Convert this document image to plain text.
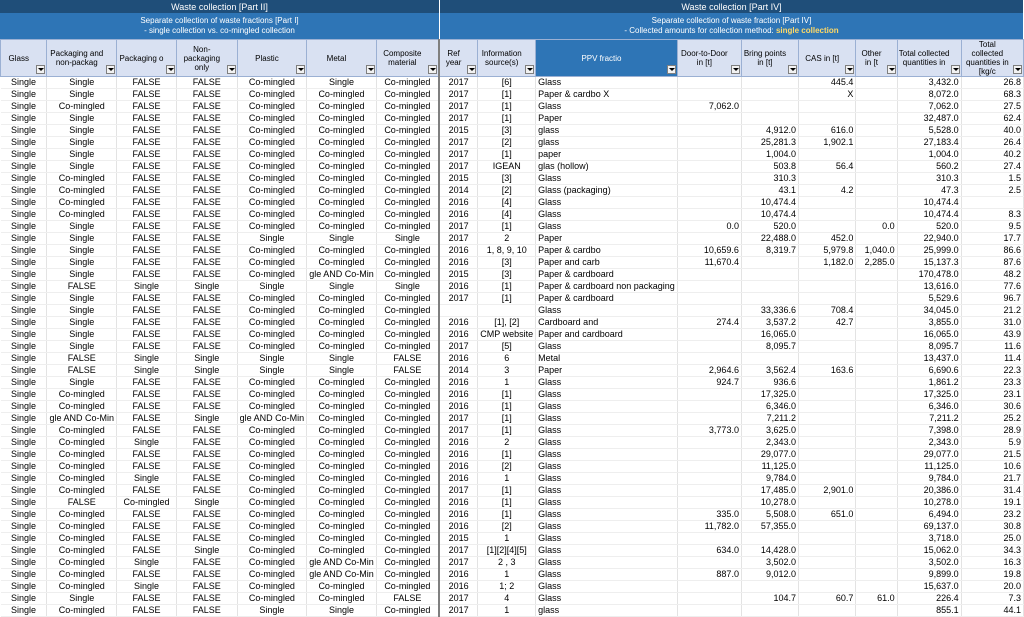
Waste collection [Part II]	Waste collection [Part IV]
Separate collection of waste fractions [Part I]
- single collection vs. co-mingled collection
Separate collection of waste fraction [Part IV]
- Collected amounts for collection method: single collection
Glass	Packaging and non-packag	Packaging o	Non-packaging only	Plastic	Metal	Composite material	Ref year	Information source(s)	PPV fractio	Door-to-Door in [t]	Bring points in [t]	CAS in [t]	Other in [t	Total collected quantities in	Total collected quantities in [kg/c

Single	Single	FALSE	FALSE	Co-mingled	Single	Co-mingled	2017	[6]	Glass			445.4		3,432.0	26.8
Single	Single	FALSE	FALSE	Co-mingled	Co-mingled	Co-mingled	2017	[1]	Paper & cardbo X			X		8,072.0	68.3
Single	Co-mingled	FALSE	FALSE	Co-mingled	Co-mingled	Co-mingled	2017	[1]	Glass	7,062.0				7,062.0	27.5
Single	Single	FALSE	FALSE	Co-mingled	Co-mingled	Co-mingled	2017	[1]	Paper					32,487.0	62.4
Single	Single	FALSE	FALSE	Co-mingled	Co-mingled	Co-mingled	2015	[3]	glass		4,912.0	616.0		5,528.0	40.0
Single	Single	FALSE	FALSE	Co-mingled	Co-mingled	Co-mingled	2017	[2]	glass		25,281.3	1,902.1		27,183.4	26.4
Single	Single	FALSE	FALSE	Co-mingled	Co-mingled	Co-mingled	2017	[1]	paper		1,004.0			1,004.0	40.2
Single	Single	FALSE	FALSE	Co-mingled	Co-mingled	Co-mingled	2017	IGEAN	glas (hollow)		503.8	56.4		560.2	27.4
Single	Co-mingled	FALSE	FALSE	Co-mingled	Co-mingled	Co-mingled	2015	[3]	Glass		310.3			310.3	1.5
Single	Co-mingled	FALSE	FALSE	Co-mingled	Co-mingled	Co-mingled	2014	[2]	Glass (packaging)		43.1	4.2		47.3	2.5
Single	Co-mingled	FALSE	FALSE	Co-mingled	Co-mingled	Co-mingled	2016	[4]	Glass		10,474.4			10,474.4	
Single	Co-mingled	FALSE	FALSE	Co-mingled	Co-mingled	Co-mingled	2016	[4]	Glass		10,474.4			10,474.4	8.3
Single	Single	FALSE	FALSE	Co-mingled	Co-mingled	Co-mingled	2017	[1]	Glass	0.0	520.0		0.0	520.0	9.5
Single	Single	FALSE	FALSE	Single	Single	Single	2017	2	Paper		22,488.0	452.0		22,940.0	17.7
Single	Single	FALSE	FALSE	Co-mingled	Co-mingled	Co-mingled	2016	1, 8, 9, 10	Paper & cardbo	10,659.6	8,319.7	5,979.8	1,040.0	25,999.0	86.6
Single	Single	FALSE	FALSE	Co-mingled	Co-mingled	Co-mingled	2016	[3]	Paper and carb	11,670.4		1,182.0	2,285.0	15,137.3	87.6
Single	Single	FALSE	FALSE	Co-mingled	gle AND Co-Min	Co-mingled	2015	[3]	Paper & cardboard					170,478.0	48.2
Single	FALSE	Single	Single	Single	Single	Single	2016	[1]	Paper & cardboard non packaging					13,616.0	77.6
Single	Single	FALSE	FALSE	Co-mingled	Co-mingled	Co-mingled	2017	[1]	Paper & cardboard					5,529.6	96.7
Single	Single	FALSE	FALSE	Co-mingled	Co-mingled	Co-mingled			Glass		33,336.6	708.4		34,045.0	21.2
Single	Single	FALSE	FALSE	Co-mingled	Co-mingled	Co-mingled	2016	[1], [2]	Cardboard and	274.4	3,537.2	42.7		3,855.0	31.0
Single	Single	FALSE	FALSE	Co-mingled	Co-mingled	Co-mingled	2016	CMP website	Paper and cardboard		16,065.0			16,065.0	43.9
Single	Single	FALSE	FALSE	Co-mingled	Co-mingled	Co-mingled	2017	[5]	Glass		8,095.7			8,095.7	11.6
Single	FALSE	Single	Single	Single	Single	FALSE	2016	6	Metal					13,437.0	11.4
Single	FALSE	Single	Single	Single	Single	FALSE	2014	3	Paper	2,964.6	3,562.4	163.6		6,690.6	22.3
Single	Single	FALSE	FALSE	Co-mingled	Co-mingled	Co-mingled	2016	1	Glass	924.7	936.6			1,861.2	23.3
Single	Co-mingled	FALSE	FALSE	Co-mingled	Co-mingled	Co-mingled	2016	[1]	Glass		17,325.0			17,325.0	23.1
Single	Co-mingled	FALSE	FALSE	Co-mingled	Co-mingled	Co-mingled	2016	[1]	Glass		6,346.0			6,346.0	30.6
Single	gle AND Co-Min	FALSE	Single	gle AND Co-Min	Co-mingled	Co-mingled	2017	[1]	Glass		7,211.2			7,211.2	25.2
Single	Co-mingled	FALSE	FALSE	Co-mingled	Co-mingled	Co-mingled	2017	[1]	Glass	3,773.0	3,625.0			7,398.0	28.9
Single	Co-mingled	Single	FALSE	Co-mingled	Co-mingled	Co-mingled	2016	2	Glass		2,343.0			2,343.0	5.9
Single	Co-mingled	FALSE	FALSE	Co-mingled	Co-mingled	Co-mingled	2016	[1]	Glass		29,077.0			29,077.0	21.5
Single	Co-mingled	FALSE	FALSE	Co-mingled	Co-mingled	Co-mingled	2016	[2]	Glass		11,125.0			11,125.0	10.6
Single	Co-mingled	Single	FALSE	Co-mingled	Co-mingled	Co-mingled	2016	1	Glass		9,784.0			9,784.0	21.7
Single	Co-mingled	FALSE	FALSE	Co-mingled	Co-mingled	Co-mingled	2017	[1]	Glass		17,485.0	2,901.0		20,386.0	31.4
Single	FALSE	Co-mingled	Single	Co-mingled	Co-mingled	Co-mingled	2016	[1]	Glass		10,278.0			10,278.0	19.1
Single	Co-mingled	FALSE	FALSE	Co-mingled	Co-mingled	Co-mingled	2016	[1]	Glass	335.0	5,508.0	651.0		6,494.0	23.2
Single	Co-mingled	FALSE	FALSE	Co-mingled	Co-mingled	Co-mingled	2016	[2]	Glass	11,782.0	57,355.0			69,137.0	30.8
Single	Co-mingled	FALSE	FALSE	Co-mingled	Co-mingled	Co-mingled	2015	1	Glass					3,718.0	25.0
Single	Co-mingled	FALSE	Single	Co-mingled	Co-mingled	Co-mingled	2017	[1][2][4][5]	Glass	634.0	14,428.0			15,062.0	34.3
Single	Co-mingled	Single	FALSE	Co-mingled	gle AND Co-Min	Co-mingled	2017	2 , 3	Glass		3,502.0			3,502.0	16.3
Single	Co-mingled	FALSE	FALSE	Co-mingled	gle AND Co-Min	Co-mingled	2016	1	Glass	887.0	9,012.0			9,899.0	19.8
Single	Co-mingled	Single	FALSE	Co-mingled	Co-mingled	Co-mingled	2016	1; 2	Glass					15,637.0	20.0
Single	Single	FALSE	FALSE	Co-mingled	Co-mingled	FALSE	2017	4	Glass		104.7	60.7	61.0	226.4	7.3
Single	Co-mingled	FALSE	FALSE	Single	Single	Co-mingled	2017	1	glass					855.1	44.1
